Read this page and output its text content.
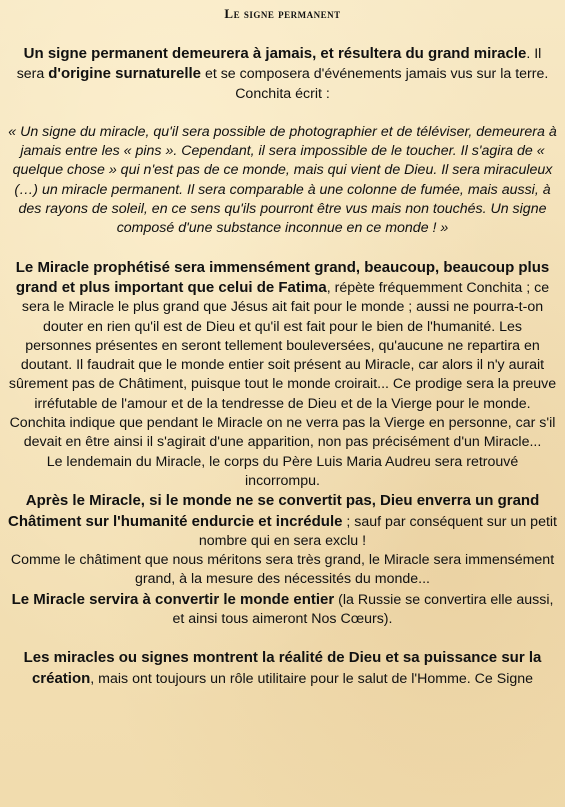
Le signe permanent

Un signe permanent demeurera à jamais, et résultera du grand miracle. Il sera d'origine surnaturelle et se composera d'événements jamais vus sur la terre. Conchita écrit :

« Un signe du miracle, qu'il sera possible de photographier et de téléviser, demeurera à jamais entre les « pins ». Cependant, il sera impossible de le toucher. Il s'agira de « quelque chose » qui n'est pas de ce monde, mais qui vient de Dieu. Il sera miraculeux (…) un miracle permanent. Il sera comparable à une colonne de fumée, mais aussi, à des rayons de soleil, en ce sens qu'ils pourront être vus mais non touchés. Un signe composé d'une substance inconnue en ce monde ! »

Le Miracle prophétisé sera immensément grand, beaucoup, beaucoup plus grand et plus important que celui de Fatima, répète fréquemment Conchita ; ce sera le Miracle le plus grand que Jésus ait fait pour le monde ; aussi ne pourra-t-on douter en rien qu'il est de Dieu et qu'il est fait pour le bien de l'humanité. Les personnes présentes en seront tellement bouleversées, qu'aucune ne repartira en doutant. Il faudrait que le monde entier soit présent au Miracle, car alors il n'y aurait sûrement pas de Châtiment, puisque tout le monde croirait... Ce prodige sera la preuve irréfutable de l'amour et de la tendresse de Dieu et de la Vierge pour le monde.

Conchita indique que pendant le Miracle on ne verra pas la Vierge en personne, car s'il devait en être ainsi il s'agirait d'une apparition, non pas précisément d'un Miracle...

Le lendemain du Miracle, le corps du Père Luis Maria Audreu sera retrouvé incorrompu.

Après le Miracle, si le monde ne se convertit pas, Dieu enverra un grand Châtiment sur l'humanité endurcie et incrédule ; sauf par conséquent sur un petit nombre qui en sera exclu !

Comme le châtiment que nous méritons sera très grand, le Miracle sera immensément grand, à la mesure des nécessités du monde...

Le Miracle servira à convertir le monde entier (la Russie se convertira elle aussi, et ainsi tous aimeront Nos Cœurs).

Les miracles ou signes montrent la réalité de Dieu et sa puissance sur la création, mais ont toujours un rôle utilitaire pour le salut de l'Homme. Ce Signe
